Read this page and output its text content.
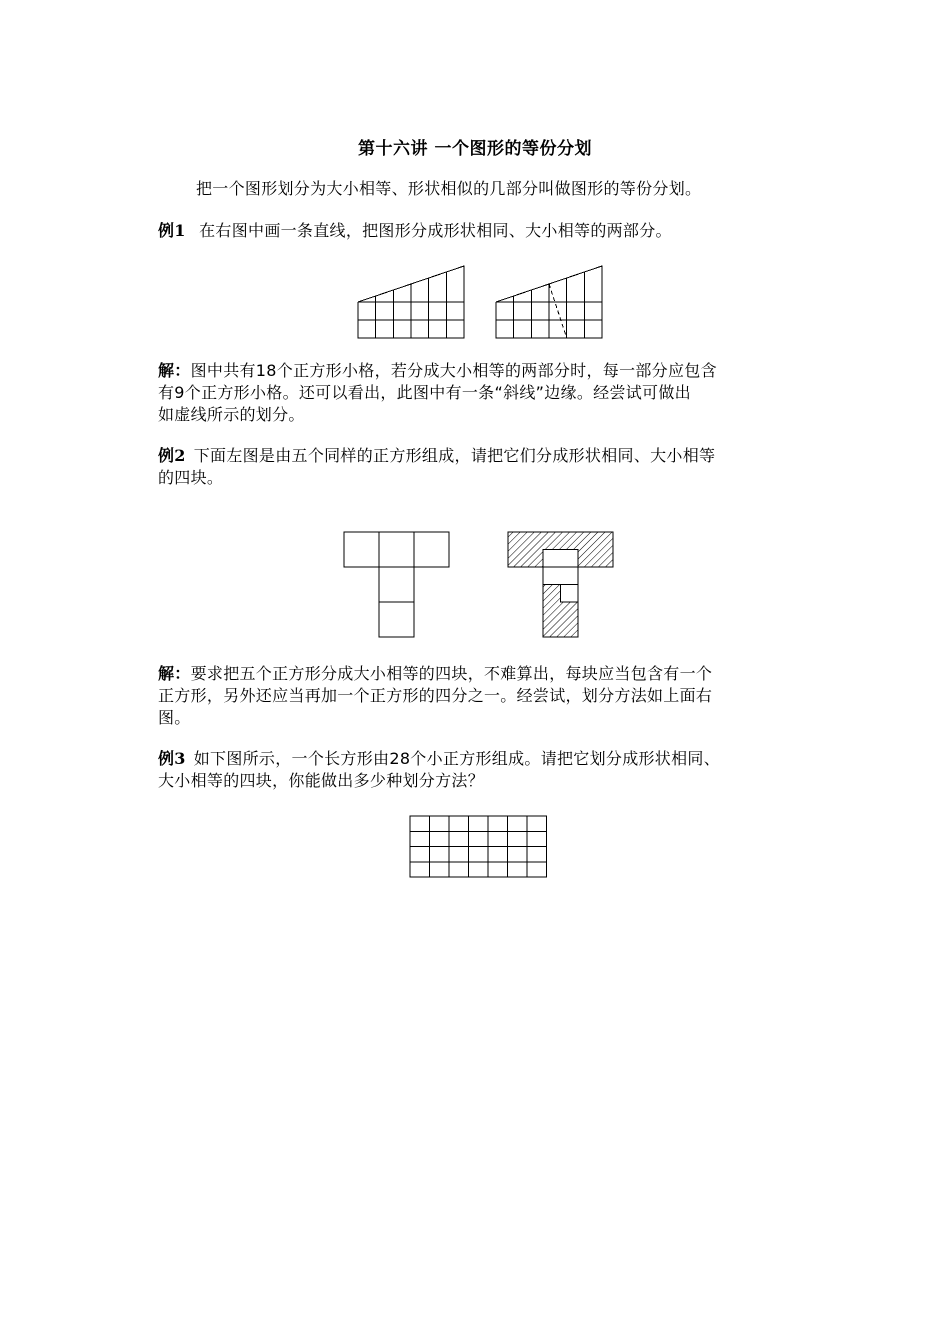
第十六讲 一个图形的等份分划
把一个图形划分为大小相等、形状相似的几部分叫做图形的等份分划。
例1 在右图中画一条直线，把图形分成形状相同、大小相等的两部分。
解：图中共有18个正方形小格，若分成大小相等的两部分时，每一部分应包含
有9个正方形小格。还可以看出，此图中有一条“斜线”边缘。经尝试可做出
如虚线所示的划分。
例2 下面左图是由五个同样的正方形组成，请把它们分成形状相同、大小相等
的四块。
解：要求把五个正方形分成大小相等的四块，不难算出，每块应当包含有一个
正方形，另外还应当再加一个正方形的四分之一。经尝试，划分方法如上面右
图。
例3 如下图所示，一个长方形由28个小正方形组成。请把它划分成形状相同、
大小相等的四块，你能做出多少种划分方法？
